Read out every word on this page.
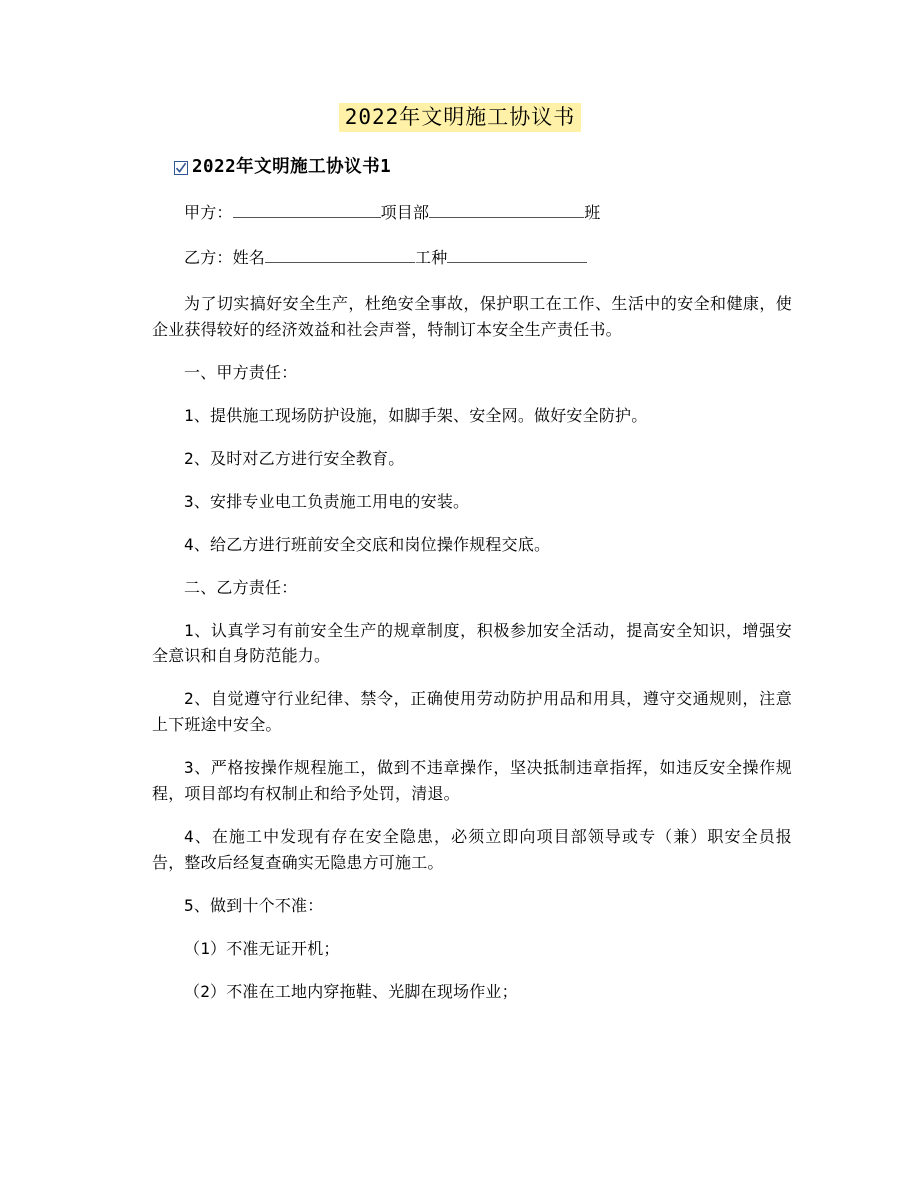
2022年文明施工协议书
2022年文明施工协议书1

甲方：	项目部	班

乙方：姓名	工种

为了切实搞好安全生产，杜绝安全事故，保护职工在工作、生活中的安全和健康，使企业获得较好的经济效益和社会声誉，特制订本安全生产责任书。

一、甲方责任：

1、提供施工现场防护设施，如脚手架、安全网。做好安全防护。

2、及时对乙方进行安全教育。

3、安排专业电工负责施工用电的安装。

4、给乙方进行班前安全交底和岗位操作规程交底。

二、乙方责任：

1、认真学习有前安全生产的规章制度，积极参加安全活动，提高安全知识，增强安全意识和自身防范能力。

2、自觉遵守行业纪律、禁令，正确使用劳动防护用品和用具，遵守交通规则，注意上下班途中安全。

3、严格按操作规程施工，做到不违章操作，坚决抵制违章指挥，如违反安全操作规程，项目部均有权制止和给予处罚，清退。

4、在施工中发现有存在安全隐患，必须立即向项目部领导或专（兼）职安全员报告，整改后经复查确实无隐患方可施工。

5、做到十个不准：

（1）不准无证开机；

（2）不准在工地内穿拖鞋、光脚在现场作业；
